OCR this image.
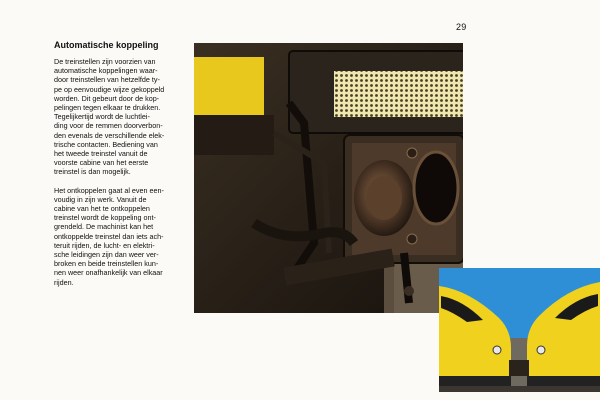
29
Automatische koppeling

De treinstellen zijn voorzien van
automatische koppelingen waar-
door treinstellen van hetzelfde ty-
pe op eenvoudige wijze gekoppeld
worden. Dit gebeurt door de kop-
pelingen tegen elkaar te drukken.
Tegelijkertijd wordt de luchtlei-
ding voor de remmen doorverbon-
den evenals de verschillende elek-
trische contacten. Bediening van
het tweede treinstel vanuit de
voorste cabine van het eerste
treinstel is dan mogelijk.

Het ontkoppelen gaat al even een-
voudig in zijn werk. Vanuit de
cabine van het te ontkoppelen
treinstel wordt de koppeling ont-
grendeld. De machinist kan het
ontkoppelde treinstel dan iets ach-
teruit rijden, de lucht- en elektri-
sche leidingen zijn dan weer ver-
broken en beide treinstellen kun-
nen weer onafhankelijk van elkaar
rijden.
